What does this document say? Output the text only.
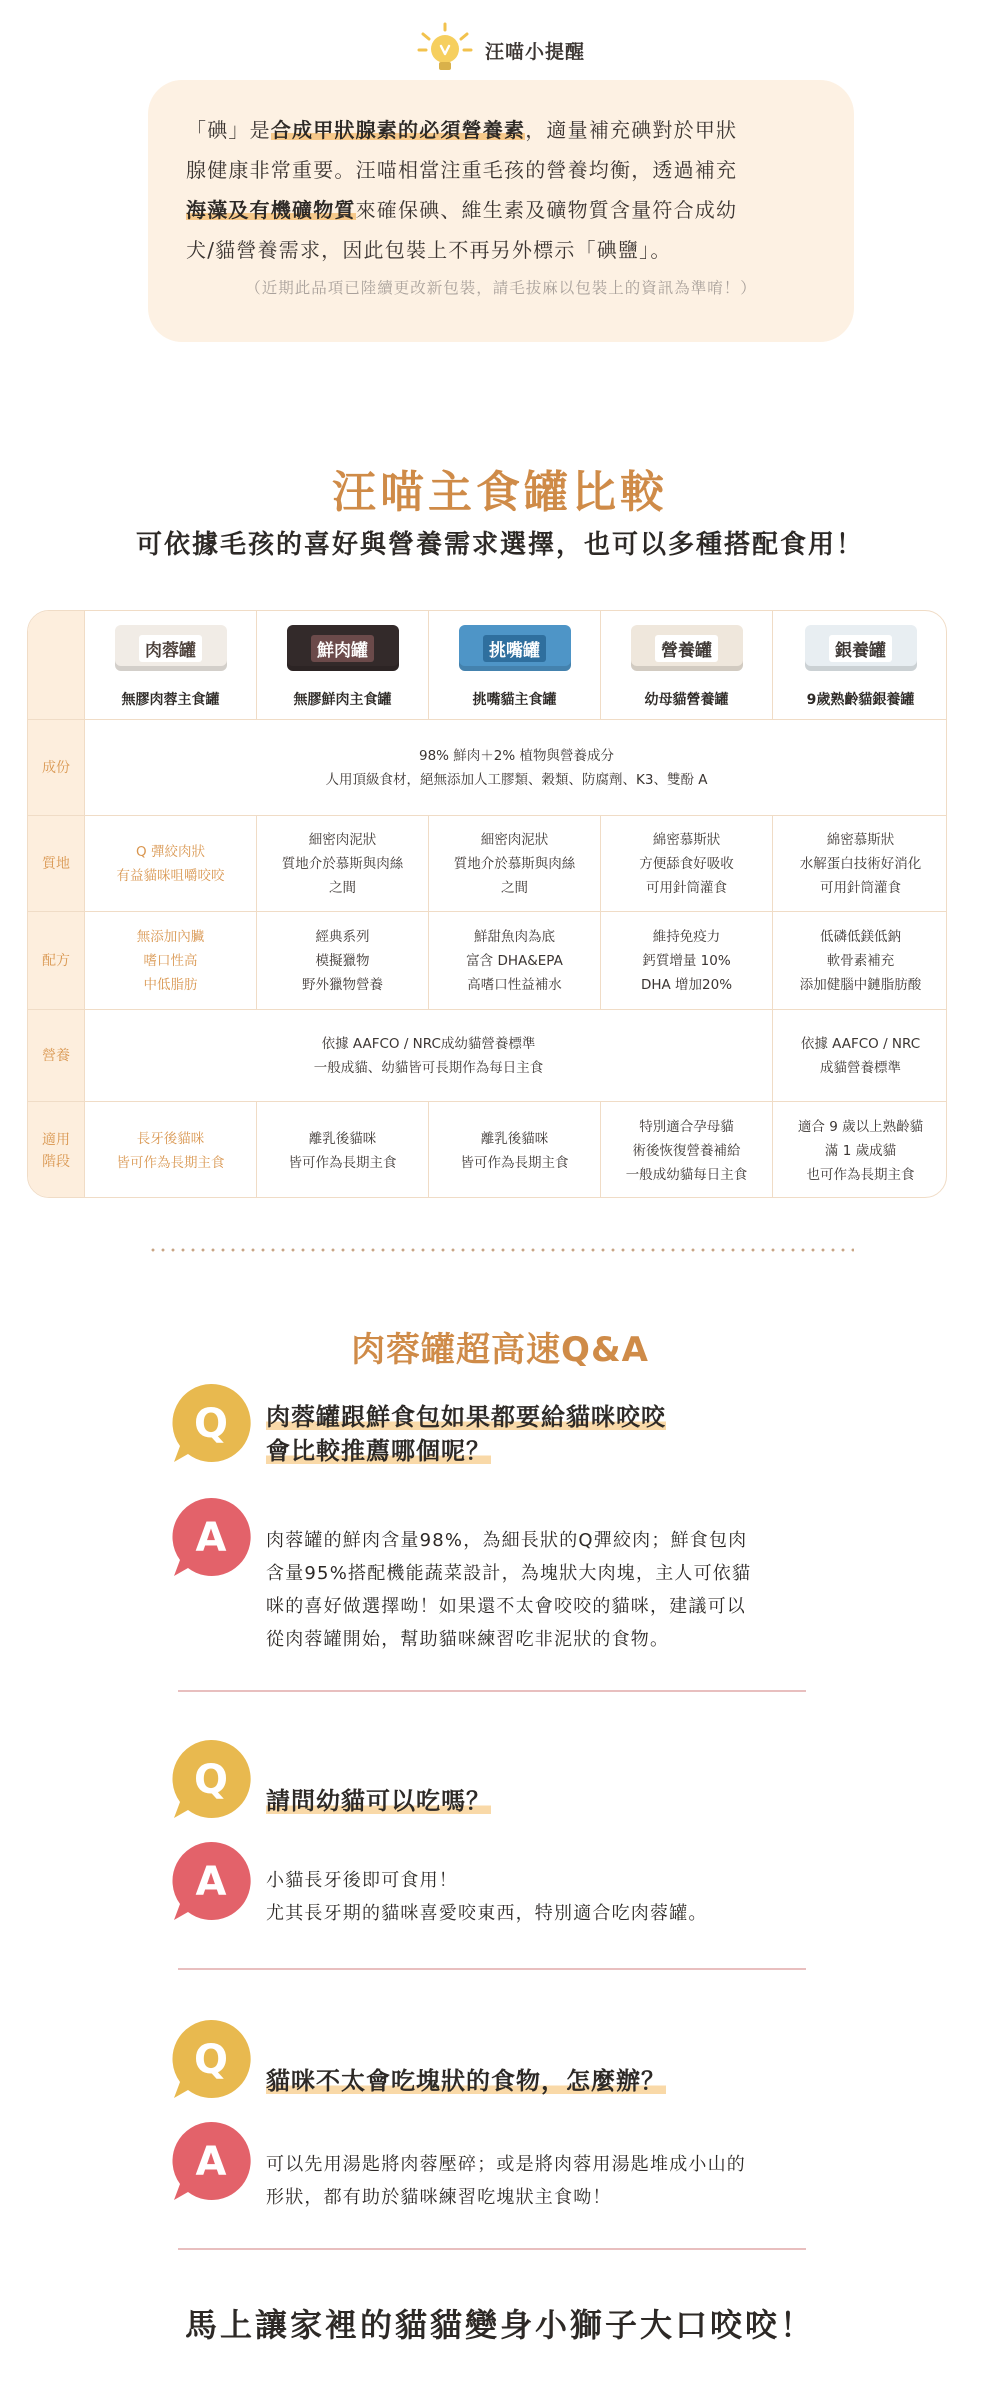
汪喵小提醒

「碘」是合成甲狀腺素的必須營養素，適量補充碘對於甲狀
腺健康非常重要。汪喵相當注重毛孩的營養均衡，透過補充
海藻及有機礦物質來確保碘、維生素及礦物質含量符合成幼
犬/貓營養需求，因此包裝上不再另外標示「碘鹽」。

（近期此品項已陸續更改新包裝，請毛拔麻以包裝上的資訊為準唷！）

汪喵主食罐比較
可依據毛孩的喜好與營養需求選擇，也可以多種搭配食用！
肉蓉罐
無膠肉蓉主食罐
鮮肉罐
無膠鮮肉主食罐
挑嘴罐
挑嘴貓主食罐
營養罐
幼母貓營養罐
銀養罐
9歲熟齡貓銀養罐
成份
98% 鮮肉＋2% 植物與營養成分
人用頂級食材，絕無添加人工膠類、穀類、防腐劑、K3、雙酚 A
質地
Q 彈絞肉狀
有益貓咪咀嚼咬咬
細密肉泥狀
質地介於慕斯與肉絲
之間
細密肉泥狀
質地介於慕斯與肉絲
之間
綿密慕斯狀
方便舔食好吸收
可用針筒灌食
綿密慕斯狀
水解蛋白技術好消化
可用針筒灌食
配方
無添加內臟
嗜口性高
中低脂肪
經典系列
模擬獵物
野外獵物營養
鮮甜魚肉為底
富含 DHA&EPA
高嗜口性益補水
維持免疫力
鈣質增量 10%
DHA 增加20%
低磷低鎂低鈉
軟骨素補充
添加健腦中鏈脂肪酸
營養
依據 AAFCO / NRC成幼貓營養標準
一般成貓、幼貓皆可長期作為每日主食
依據 AAFCO / NRC
成貓營養標準
適用
階段
長牙後貓咪
皆可作為長期主食
離乳後貓咪
皆可作為長期主食
離乳後貓咪
皆可作為長期主食
特別適合孕母貓
術後恢復營養補給
一般成幼貓每日主食
適合 9 歲以上熟齡貓
滿 1 歲成貓
也可作為長期主食
肉蓉罐超高速Q&A
Q 肉蓉罐跟鮮食包如果都要給貓咪咬咬
會比較推薦哪個呢？
A 肉蓉罐的鮮肉含量98%，為細長狀的Q彈絞肉；鮮食包肉
含量95%搭配機能蔬菜設計，為塊狀大肉塊，主人可依貓
咪的喜好做選擇呦！如果還不太會咬咬的貓咪，建議可以
從肉蓉罐開始，幫助貓咪練習吃非泥狀的食物。
Q 請問幼貓可以吃嗎？
A 小貓長牙後即可食用！
尤其長牙期的貓咪喜愛咬東西，特別適合吃肉蓉罐。
Q 貓咪不太會吃塊狀的食物，怎麼辦？
A 可以先用湯匙將肉蓉壓碎；或是將肉蓉用湯匙堆成小山的
形狀，都有助於貓咪練習吃塊狀主食呦！
馬上讓家裡的貓貓變身小獅子大口咬咬！
